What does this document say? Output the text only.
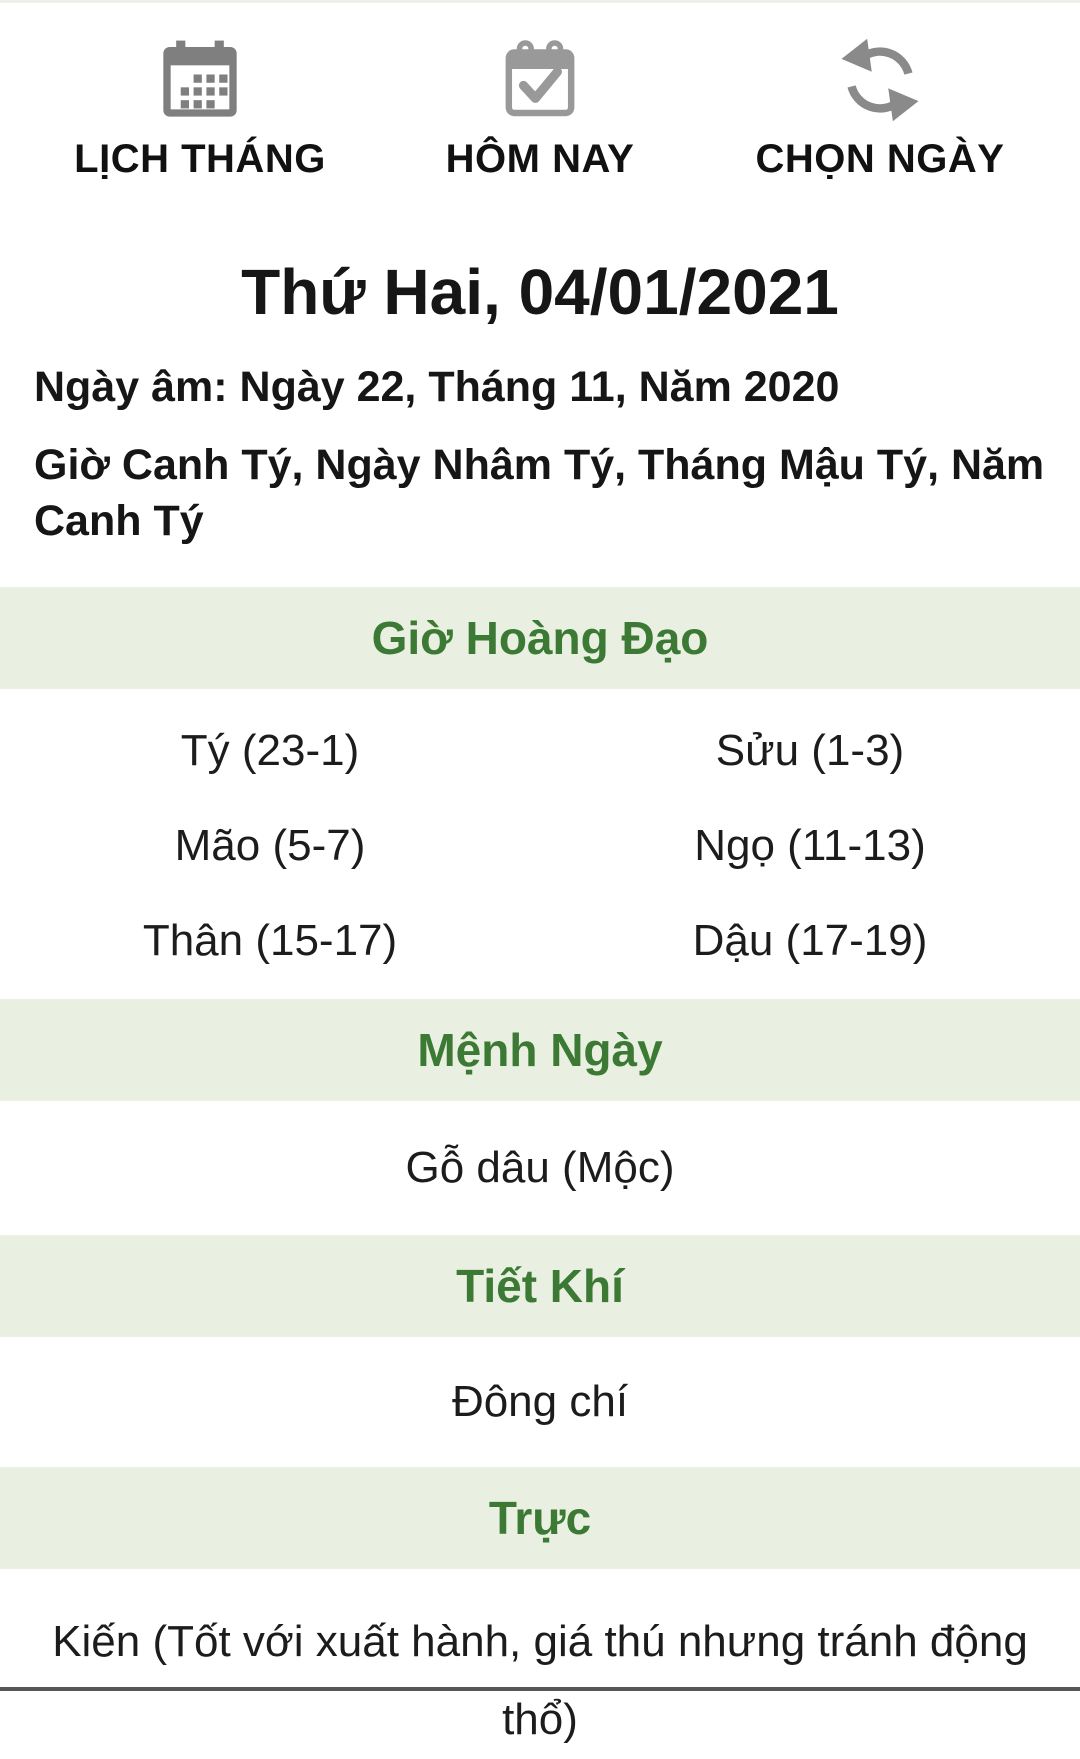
LỊCH THÁNG	HÔM NAY	CHỌN NGÀY
Thứ Hai, 04/01/2021
Ngày âm: Ngày 22, Tháng 11, Năm 2020
Giờ Canh Tý, Ngày Nhâm Tý, Tháng Mậu Tý, Năm Canh Tý
Giờ Hoàng Đạo
Tý (23-1)	Sửu (1-3)
Mão (5-7)	Ngọ (11-13)
Thân (15-17)	Dậu (17-19)
Mệnh Ngày
Gỗ dâu (Mộc)
Tiết Khí
Đông chí
Trực
Kiến (Tốt với xuất hành, giá thú nhưng tránh động thổ)
